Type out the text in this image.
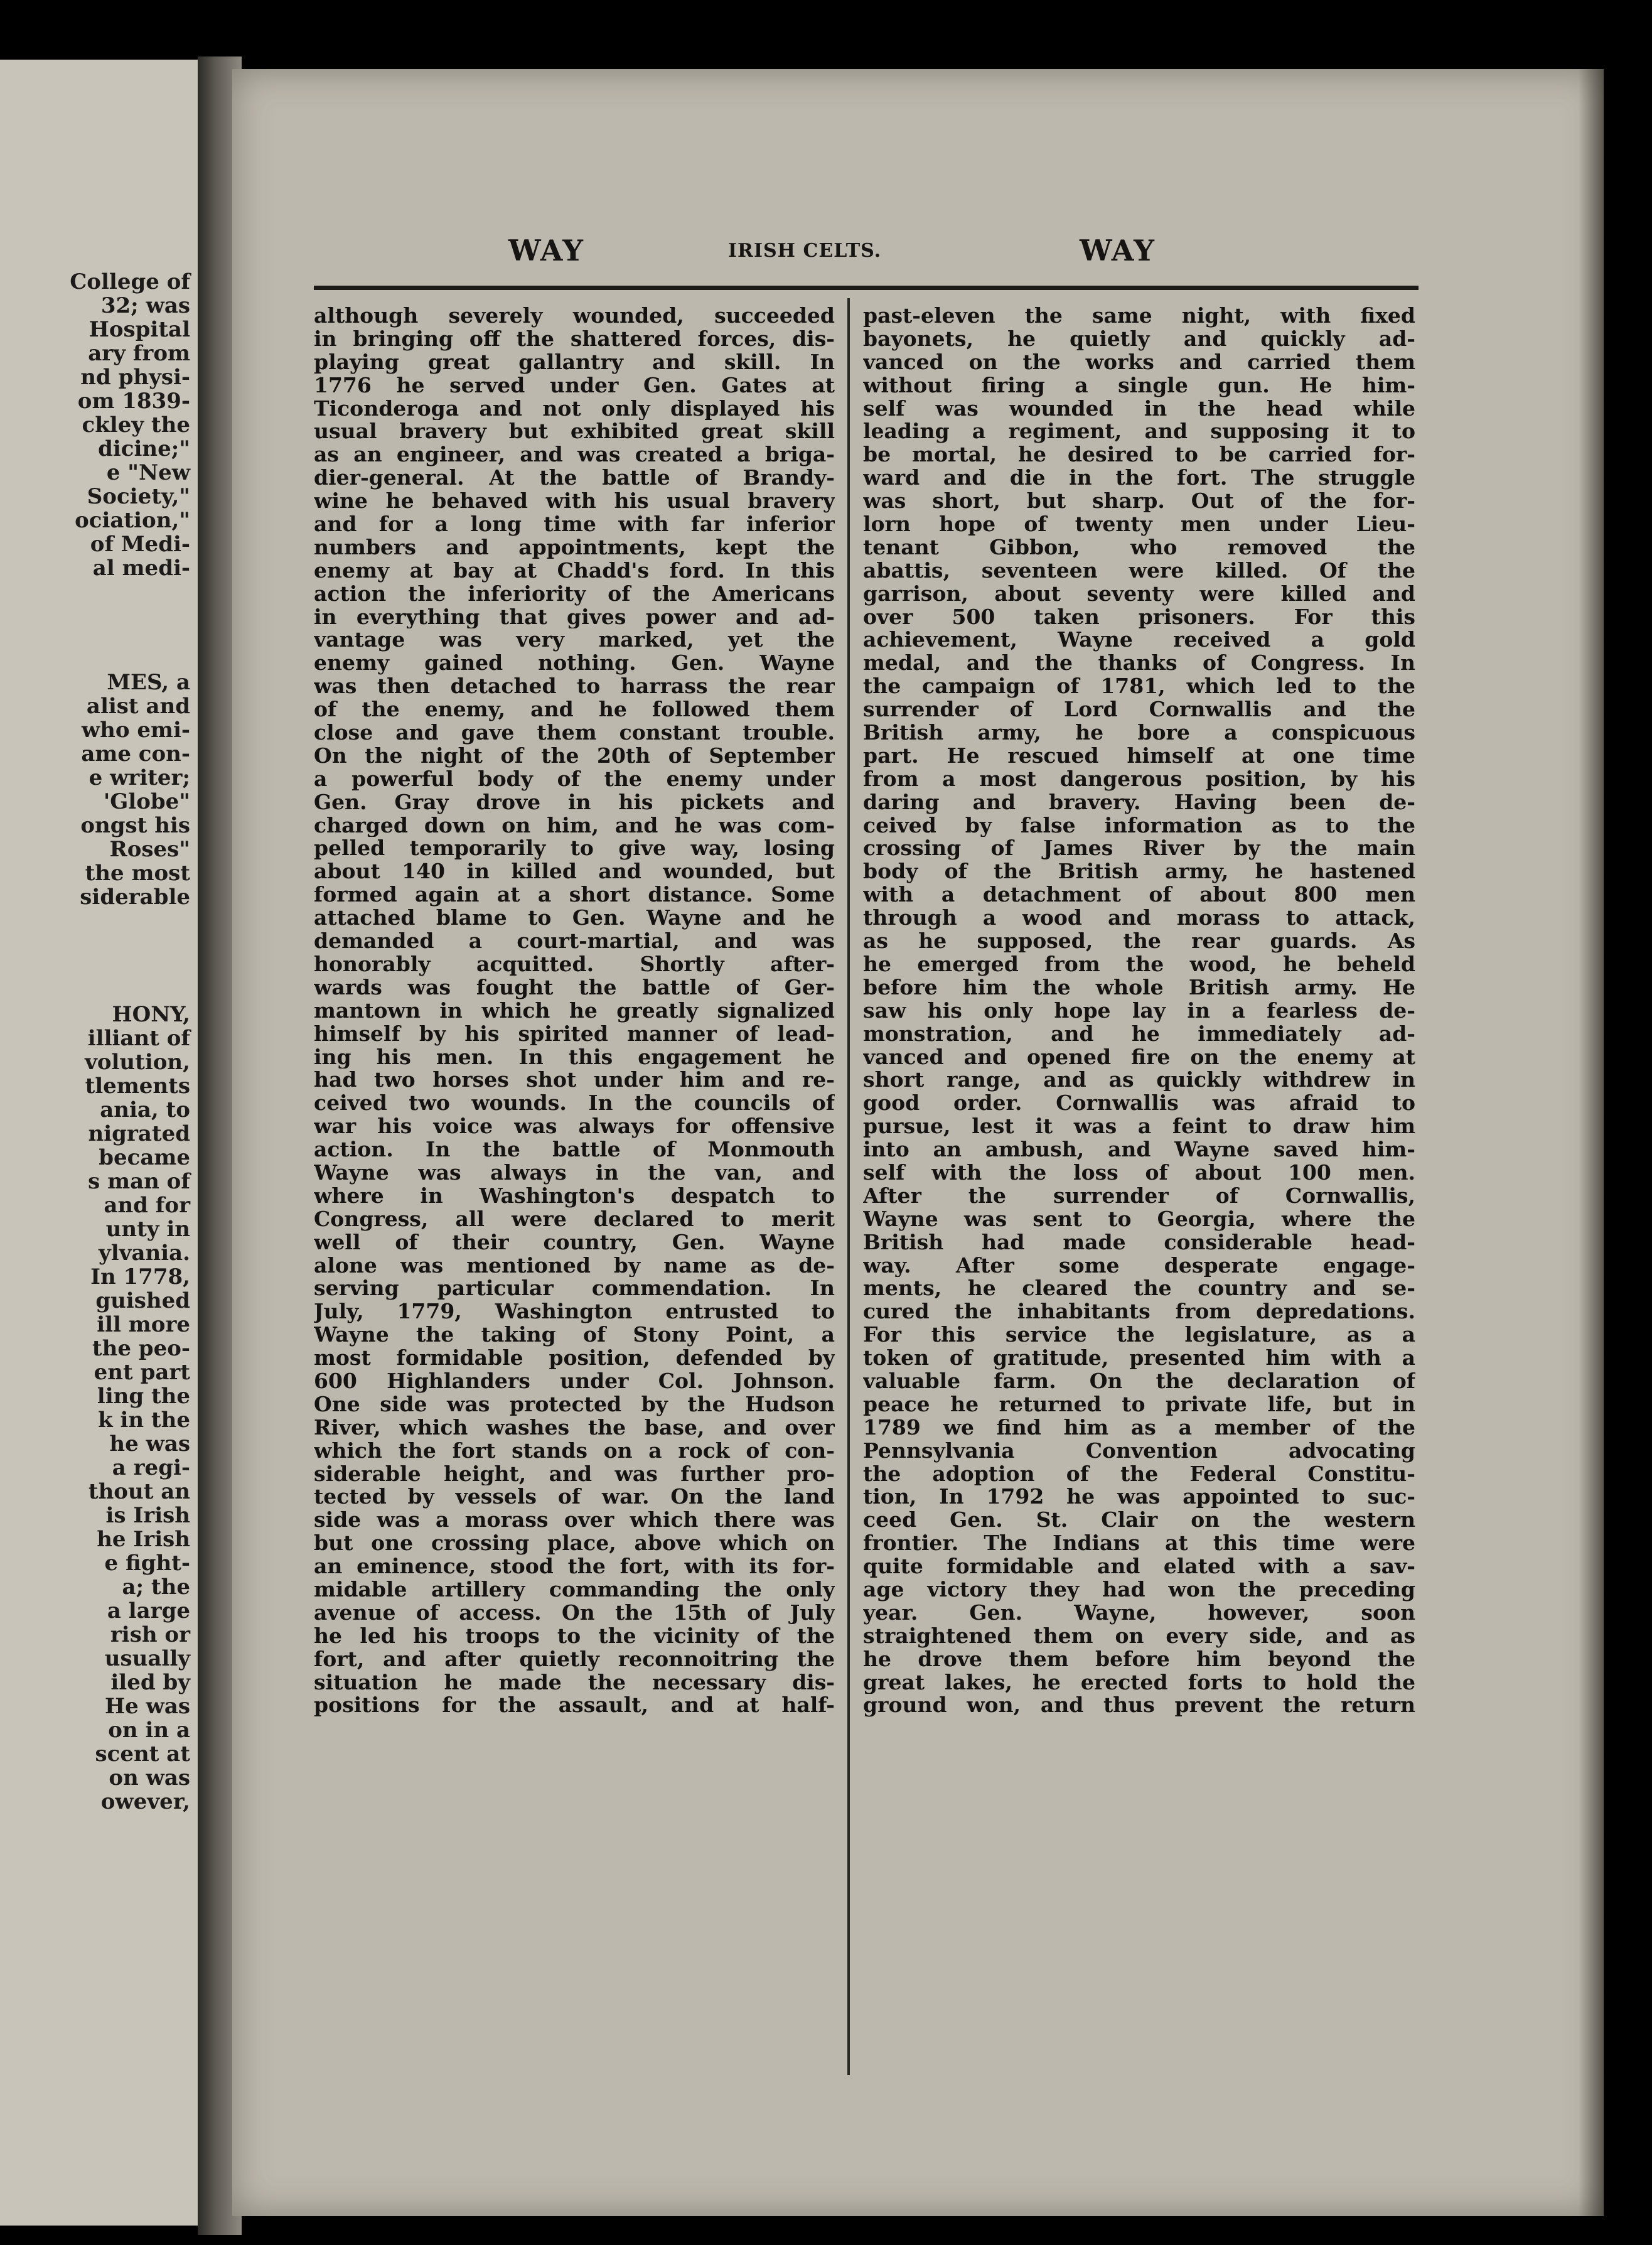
College of
32; was
Hospital
ary from
nd physi-
om 1839-
ckley the
dicine;"
e "New
Society,"
ociation,"
of Medi-
al medi-
MES, a
alist and
who emi-
ame con-
e writer;
'Globe"
ongst his
Roses"
the most
siderable
HONY,
illiant of
volution,
tlements
ania, to
nigrated
became
s man of
and for
unty in
ylvania.
In 1778,
guished
ill more
the peo-
ent part
ling the
k in the
he was
a regi-
thout an
is Irish
he Irish
e fight-
a; the
a large
rish or
usually
iled by
He was
on in a
scent at
on was
owever,
WAY	IRISH CELTS.	WAY
although severely wounded, succeeded
in bringing off the shattered forces, dis-
playing great gallantry and skill. In
1776 he served under Gen. Gates at
Ticonderoga and not only displayed his
usual bravery but exhibited great skill
as an engineer, and was created a briga-
dier-general. At the battle of Brandy-
wine he behaved with his usual bravery
and for a long time with far inferior
numbers and appointments, kept the
enemy at bay at Chadd's ford. In this
action the inferiority of the Americans
in everything that gives power and ad-
vantage was very marked, yet the
enemy gained nothing. Gen. Wayne
was then detached to harrass the rear
of the enemy, and he followed them
close and gave them constant trouble.
On the night of the 20th of September
a powerful body of the enemy under
Gen. Gray drove in his pickets and
charged down on him, and he was com-
pelled temporarily to give way, losing
about 140 in killed and wounded, but
formed again at a short distance. Some
attached blame to Gen. Wayne and he
demanded a court-martial, and was
honorably acquitted. Shortly after-
wards was fought the battle of Ger-
mantown in which he greatly signalized
himself by his spirited manner of lead-
ing his men. In this engagement he
had two horses shot under him and re-
ceived two wounds. In the councils of
war his voice was always for offensive
action. In the battle of Monmouth
Wayne was always in the van, and
where in Washington's despatch to
Congress, all were declared to merit
well of their country, Gen. Wayne
alone was mentioned by name as de-
serving particular commendation. In
July, 1779, Washington entrusted to
Wayne the taking of Stony Point, a
most formidable position, defended by
600 Highlanders under Col. Johnson.
One side was protected by the Hudson
River, which washes the base, and over
which the fort stands on a rock of con-
siderable height, and was further pro-
tected by vessels of war. On the land
side was a morass over which there was
but one crossing place, above which on
an eminence, stood the fort, with its for-
midable artillery commanding the only
avenue of access. On the 15th of July
he led his troops to the vicinity of the
fort, and after quietly reconnoitring the
situation he made the necessary dis-
positions for the assault, and at half-
past-eleven the same night, with fixed
bayonets, he quietly and quickly ad-
vanced on the works and carried them
without firing a single gun. He him-
self was wounded in the head while
leading a regiment, and supposing it to
be mortal, he desired to be carried for-
ward and die in the fort. The struggle
was short, but sharp. Out of the for-
lorn hope of twenty men under Lieu-
tenant Gibbon, who removed the
abattis, seventeen were killed. Of the
garrison, about seventy were killed and
over 500 taken prisoners. For this
achievement, Wayne received a gold
medal, and the thanks of Congress. In
the campaign of 1781, which led to the
surrender of Lord Cornwallis and the
British army, he bore a conspicuous
part. He rescued himself at one time
from a most dangerous position, by his
daring and bravery. Having been de-
ceived by false information as to the
crossing of James River by the main
body of the British army, he hastened
with a detachment of about 800 men
through a wood and morass to attack,
as he supposed, the rear guards. As
he emerged from the wood, he beheld
before him the whole British army. He
saw his only hope lay in a fearless de-
monstration, and he immediately ad-
vanced and opened fire on the enemy at
short range, and as quickly withdrew in
good order. Cornwallis was afraid to
pursue, lest it was a feint to draw him
into an ambush, and Wayne saved him-
self with the loss of about 100 men.
After the surrender of Cornwallis,
Wayne was sent to Georgia, where the
British had made considerable head-
way. After some desperate engage-
ments, he cleared the country and se-
cured the inhabitants from depredations.
For this service the legislature, as a
token of gratitude, presented him with a
valuable farm. On the declaration of
peace he returned to private life, but in
1789 we find him as a member of the
Pennsylvania Convention advocating
the adoption of the Federal Constitu-
tion, In 1792 he was appointed to suc-
ceed Gen. St. Clair on the western
frontier. The Indians at this time were
quite formidable and elated with a sav-
age victory they had won the preceding
year. Gen. Wayne, however, soon
straightened them on every side, and as
he drove them before him beyond the
great lakes, he erected forts to hold the
ground won, and thus prevent the return
